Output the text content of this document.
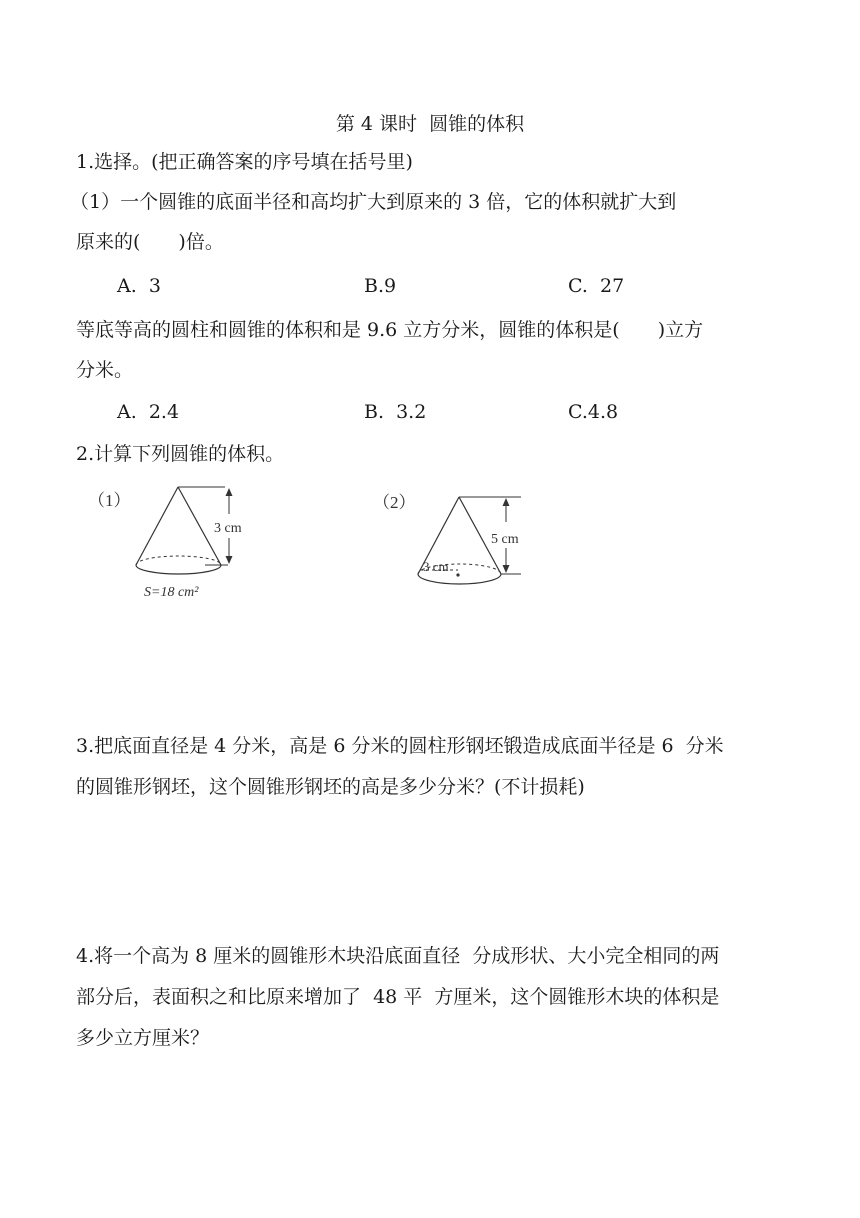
第 4 课时  圆锥的体积
1.选择。(把正确答案的序号填在括号里)
（1）一个圆锥的底面半径和高均扩大到原来的 3 倍，它的体积就扩大到
原来的(　　)倍。
A.  3	B.9	C.  27
等底等高的圆柱和圆锥的体积和是 9.6 立方分米，圆锥的体积是(　　)立方
分米。
A.  2.4	B.  3.2	C.4.8
2.计算下列圆锥的体积。
（1）
3 cm
S=18 cm²
（2）
3 cm
5 cm
3.把底面直径是 4 分米，高是 6 分米的圆柱形钢坯锻造成底面半径是 6  分米
的圆锥形钢坯，这个圆锥形钢坯的高是多少分米？(不计损耗)
4.将一个高为 8 厘米的圆锥形木块沿底面直径  分成形状、大小完全相同的两
部分后，表面积之和比原来增加了  48 平  方厘米，这个圆锥形木块的体积是
多少立方厘米？
